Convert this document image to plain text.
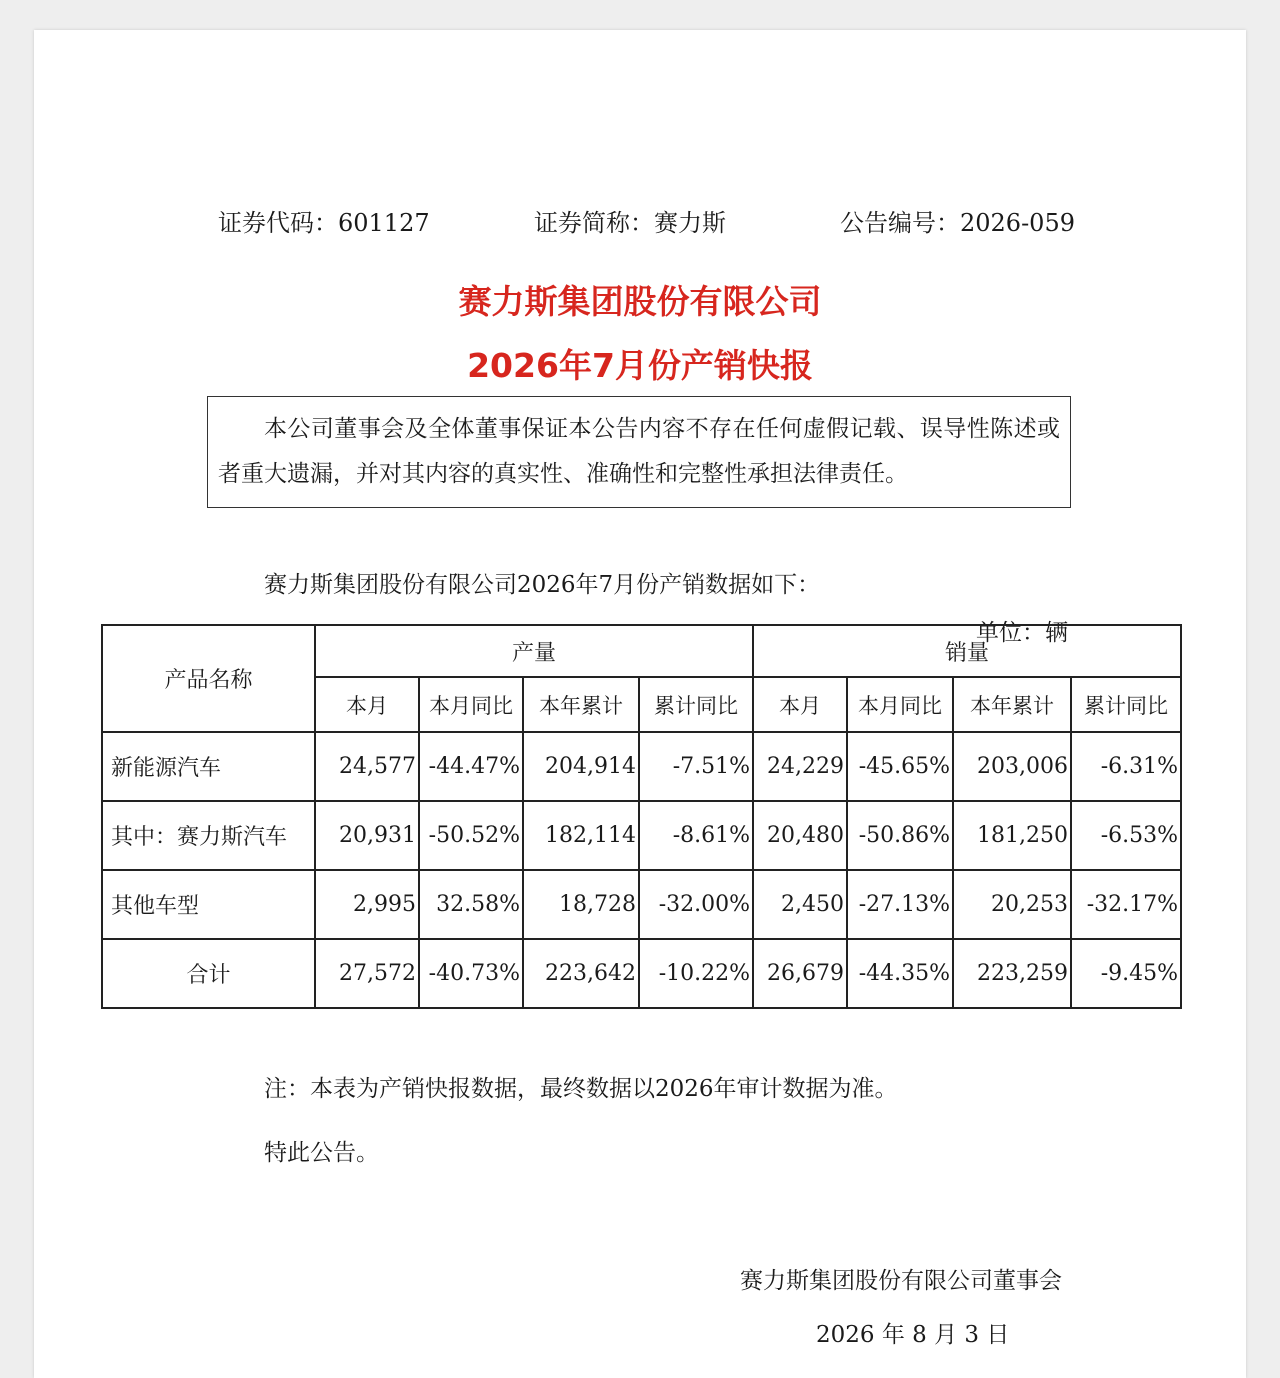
证券代码：601127	证券简称：赛力斯	公告编号：2026-059
赛力斯集团股份有限公司
2026年7月份产销快报

本公司董事会及全体董事保证本公告内容不存在任何虚假记载、误导性陈述或者重大遗漏，并对其内容的真实性、准确性和完整性承担法律责任。

赛力斯集团股份有限公司2026年7月份产销数据如下：
单位：辆
产品名称	产量				销量			
	本月	本月同比	本年累计	累计同比	本月	本月同比	本年累计	累计同比
新能源汽车	24,577	-44.47%	204,914	-7.51%	24,229	-45.65%	203,006	-6.31%
其中：赛力斯汽车	20,931	-50.52%	182,114	-8.61%	20,480	-50.86%	181,250	-6.53%
其他车型	2,995	32.58%	18,728	-32.00%	2,450	-27.13%	20,253	-32.17%
合计	27,572	-40.73%	223,642	-10.22%	26,679	-44.35%	223,259	-9.45%
注：本表为产销快报数据，最终数据以2026年审计数据为准。
特此公告。
赛力斯集团股份有限公司董事会
2026 年 8 月 3 日
